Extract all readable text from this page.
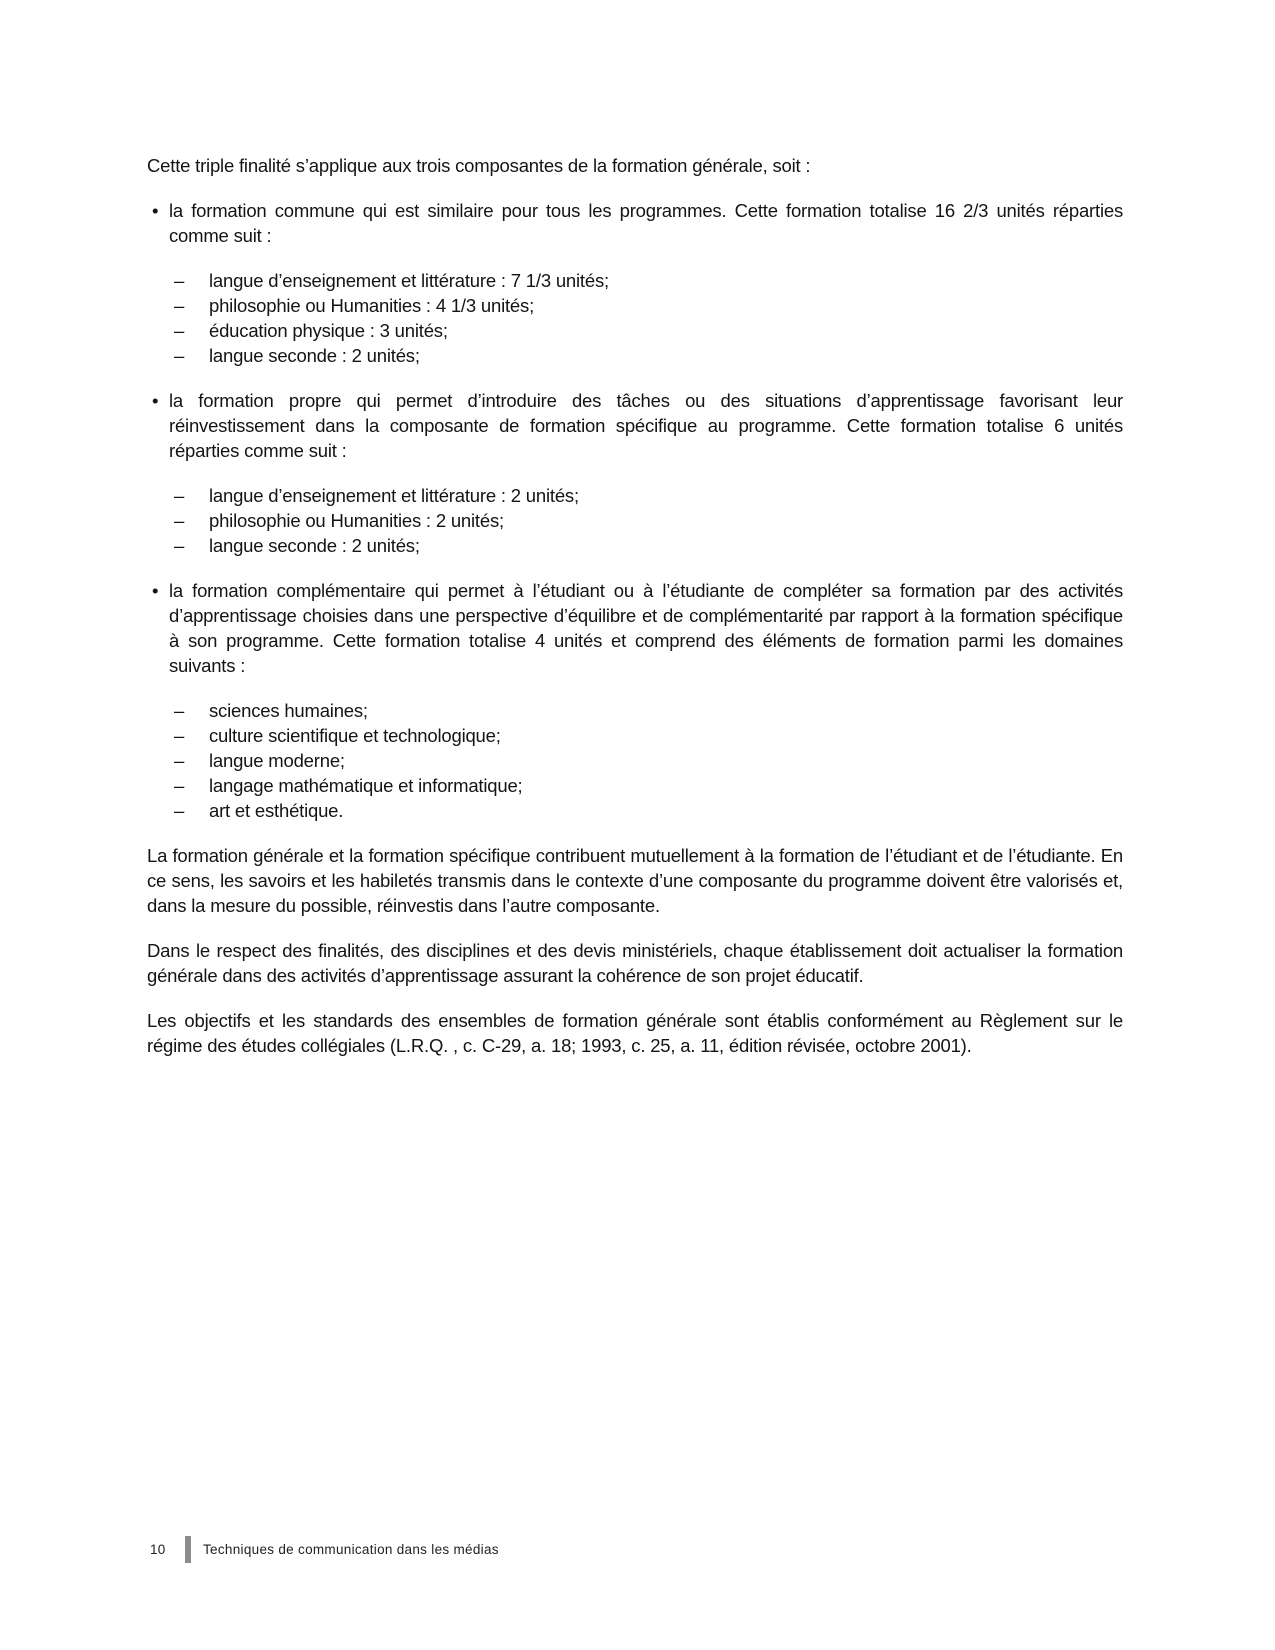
Cette triple finalité s’applique aux trois composantes de la formation générale, soit :

• la formation commune qui est similaire pour tous les programmes. Cette formation totalise 16 2/3 unités réparties comme suit :
–	langue d’enseignement et littérature : 7 1/3 unités;
–	philosophie ou Humanities : 4 1/3 unités;
–	éducation physique : 3 unités;
–	langue seconde : 2 unités;
• la formation propre qui permet d’introduire des tâches ou des situations d’apprentissage favorisant leur réinvestissement dans la composante de formation spécifique au programme. Cette formation totalise 6 unités réparties comme suit :
–	langue d’enseignement et littérature : 2 unités;
–	philosophie ou Humanities : 2 unités;
–	langue seconde : 2 unités;
• la formation complémentaire qui permet à l’étudiant ou à l’étudiante de compléter sa formation par des activités d’apprentissage choisies dans une perspective d’équilibre et de complémentarité par rapport à la formation spécifique à son programme. Cette formation totalise 4 unités et comprend des éléments de formation parmi les domaines suivants :
–	sciences humaines;
–	culture scientifique et technologique;
–	langue moderne;
–	langage mathématique et informatique;
–	art et esthétique.

La formation générale et la formation spécifique contribuent mutuellement à la formation de l’étudiant et de l’étudiante. En ce sens, les savoirs et les habiletés transmis dans le contexte d’une composante du programme doivent être valorisés et, dans la mesure du possible, réinvestis dans l’autre composante.

Dans le respect des finalités, des disciplines et des devis ministériels, chaque établissement doit actualiser la formation générale dans des activités d’apprentissage assurant la cohérence de son projet éducatif.

Les objectifs et les standards des ensembles de formation générale sont établis conformément au Règlement sur le régime des études collégiales (L.R.Q. , c. C-29, a. 18; 1993, c. 25, a. 11, édition révisée, octobre 2001).

10	Techniques de communication dans les médias
